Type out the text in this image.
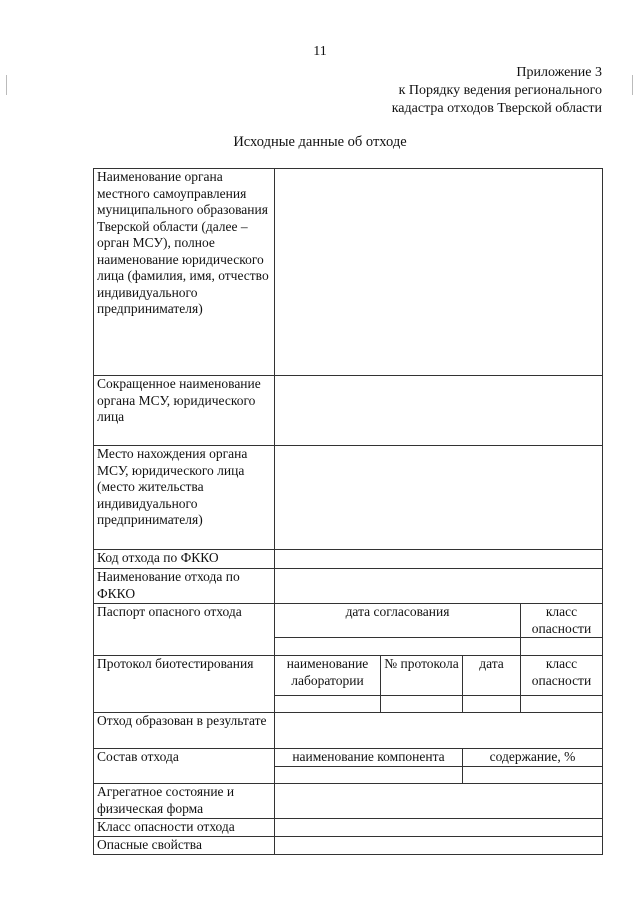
11
Приложение 3
к Порядку ведения регионального
кадастра отходов Тверской области
Исходные данные об отходе
Наименование органа местного самоуправления муниципального образования Тверской области (далее – орган МСУ), полное наименование юридического лица (фамилия, имя, отчество индивидуального предпринимателя)				
Сокращенное наименование органа МСУ, юридического лица				
Место нахождения органа МСУ, юридического лица (место жительства индивидуального предпринимателя)				
Код отхода по ФККО				
Наименование отхода по ФККО				
Паспорт опасного отхода	дата согласования			класс опасности

Протокол биотестирования	наименование лаборатории	№ протокола	дата	класс опасности

Отход образован в результате				
Состав отхода	наименование компонента		содержание, %	

Агрегатное состояние и физическая форма				
Класс опасности отхода				
Опасные свойства				
